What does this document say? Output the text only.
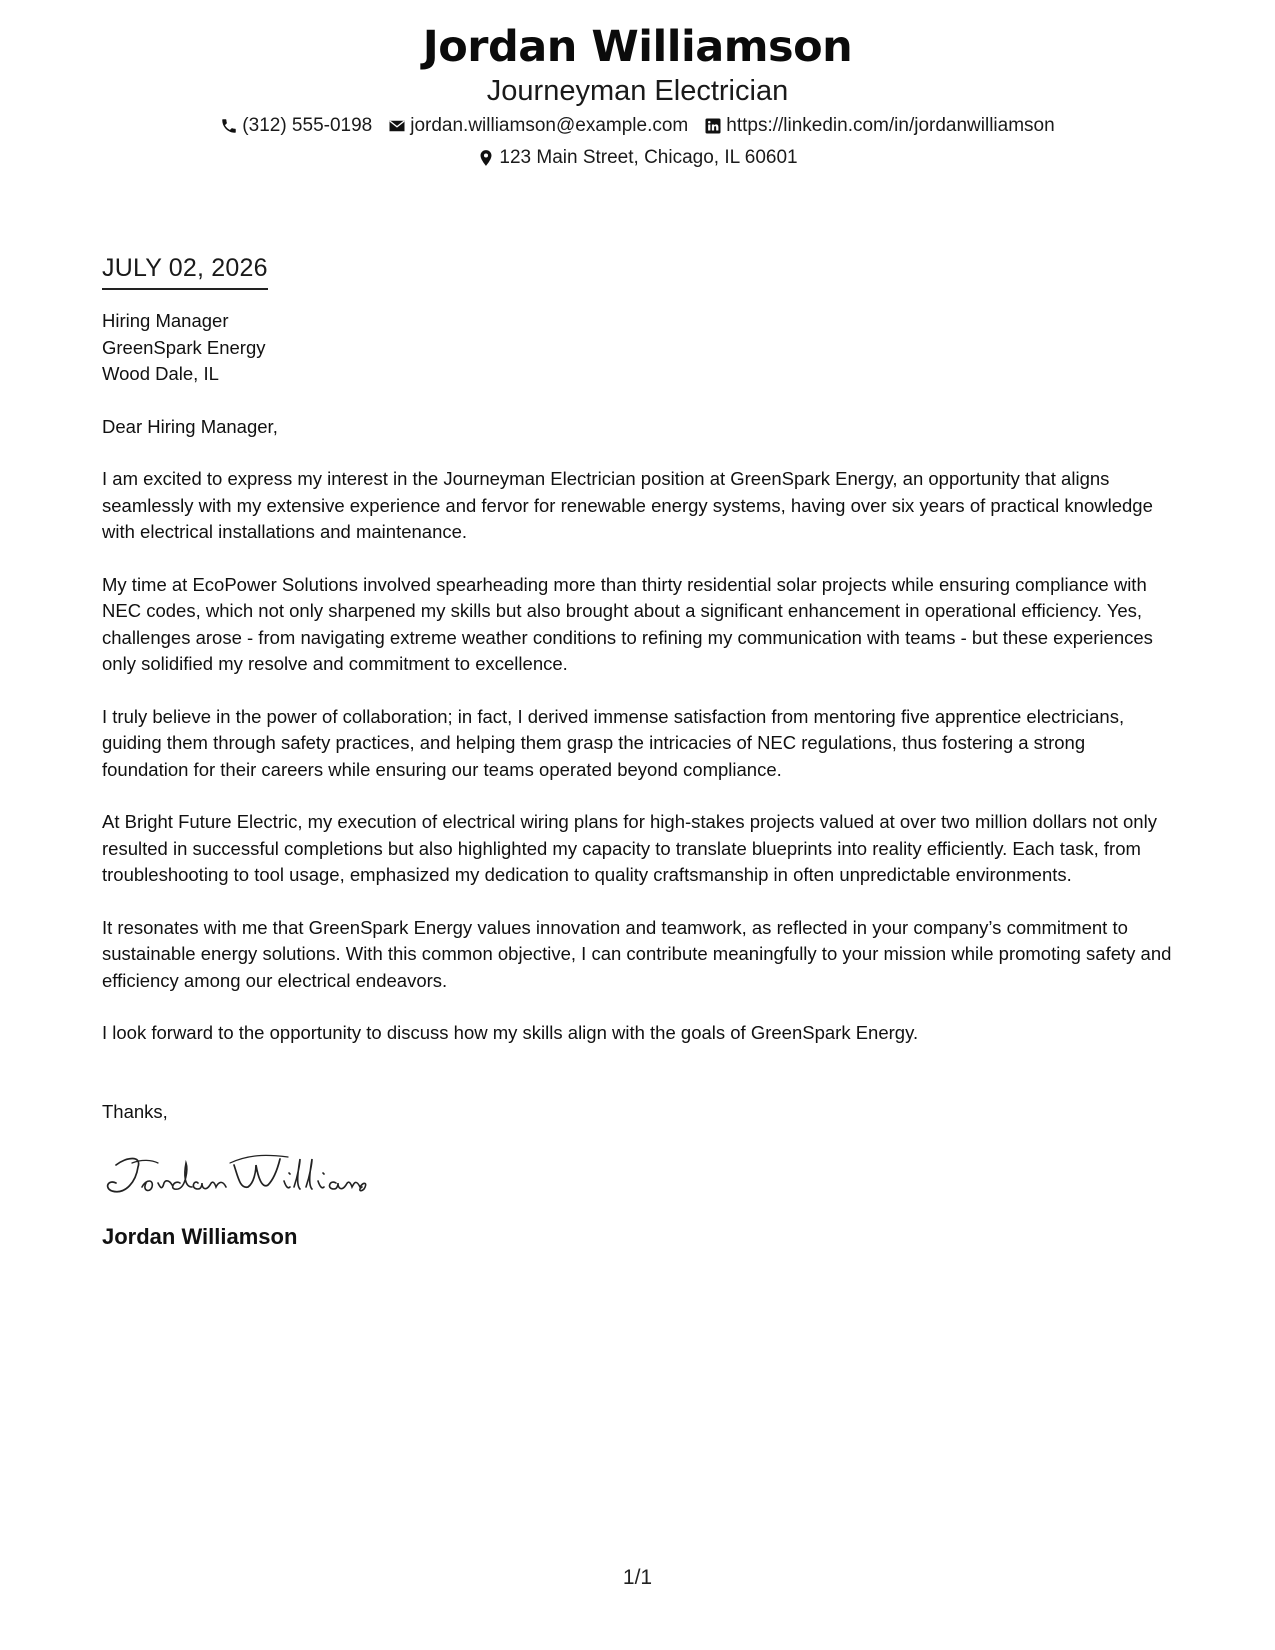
Jordan Williamson
Journeyman Electrician
(312) 555-0198 jordan.williamson@example.com https://linkedin.com/in/jordanwilliamson
123 Main Street, Chicago, IL 60601
JULY 02, 2026
Hiring Manager
GreenSpark Energy
Wood Dale, IL
Dear Hiring Manager,
I am excited to express my interest in the Journeyman Electrician position at GreenSpark Energy, an opportunity that aligns seamlessly with my extensive experience and fervor for renewable energy systems, having over six years of practical knowledge with electrical installations and maintenance.
My time at EcoPower Solutions involved spearheading more than thirty residential solar projects while ensuring compliance with NEC codes, which not only sharpened my skills but also brought about a significant enhancement in operational efficiency. Yes, challenges arose - from navigating extreme weather conditions to refining my communication with teams - but these experiences only solidified my resolve and commitment to excellence.
I truly believe in the power of collaboration; in fact, I derived immense satisfaction from mentoring five apprentice electricians, guiding them through safety practices, and helping them grasp the intricacies of NEC regulations, thus fostering a strong foundation for their careers while ensuring our teams operated beyond compliance.
At Bright Future Electric, my execution of electrical wiring plans for high-stakes projects valued at over two million dollars not only resulted in successful completions but also highlighted my capacity to translate blueprints into reality efficiently. Each task, from troubleshooting to tool usage, emphasized my dedication to quality craftsmanship in often unpredictable environments.
It resonates with me that GreenSpark Energy values innovation and teamwork, as reflected in your company’s commitment to sustainable energy solutions. With this common objective, I can contribute meaningfully to your mission while promoting safety and efficiency among our electrical endeavors.
I look forward to the opportunity to discuss how my skills align with the goals of GreenSpark Energy.
Thanks,
Jordan Williamson
1/1
